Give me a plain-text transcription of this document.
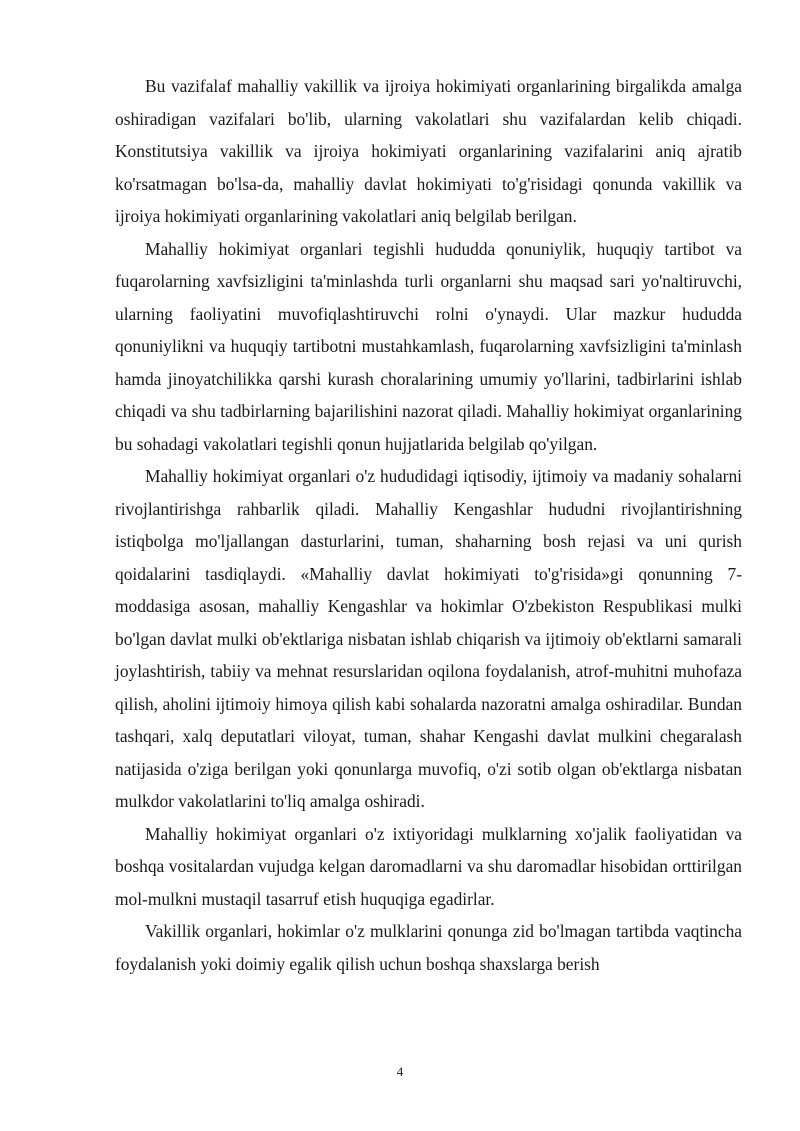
Bu vazifalaf mahalliy vakillik va ijroiya hokimiyati organlarining birgalikda amalga oshiradigan vazifalari bo'lib, ularning vakolatlari shu vazifalardan kelib chiqadi. Konstitutsiya vakillik va ijroiya hokimiyati organlarining vazifalarini aniq ajratib ko'rsatmagan bo'lsa-da, mahalliy davlat hokimiyati to'g'risidagi qonunda vakillik va ijroiya hokimiyati organlarining vakolatlari aniq belgilab berilgan.

Mahalliy hokimiyat organlari tegishli hududda qonuniylik, huquqiy tartibot va fuqarolarning xavfsizligini ta'minlashda turli organlarni shu maqsad sari yo'naltiruvchi, ularning faoliyatini muvofiqlashtiruvchi rolni o'ynaydi. Ular mazkur hududda qonuniylikni va huquqiy tartibotni mustahkamlash, fuqarolarning xavfsizligini ta'minlash hamda jinoyatchilikka qarshi kurash choralarining umumiy yo'llarini, tadbirlarini ishlab chiqadi va shu tadbirlarning bajarilishini nazorat qiladi. Mahalliy hokimiyat organlarining bu sohadagi vakolatlari tegishli qonun hujjatlarida belgilab qo'yilgan.

Mahalliy hokimiyat organlari o'z hududidagi iqtisodiy, ijtimoiy va madaniy sohalarni rivojlantirishga rahbarlik qiladi. Mahalliy Kengashlar hududni rivojlantirishning istiqbolga mo'ljallangan dasturlarini, tuman, shaharning bosh rejasi va uni qurish qoidalarini tasdiqlaydi. «Mahalliy davlat hokimiyati to'g'risida»gi qonunning 7-moddasiga asosan, mahalliy Kengashlar va hokimlar O'zbekiston Respublikasi mulki bo'lgan davlat mulki ob'ektlariga nisbatan ishlab chiqarish va ijtimoiy ob'ektlarni samarali joylashtirish, tabiiy va mehnat resurslaridan oqilona foydalanish, atrof-muhitni muhofaza qilish, aholini ijtimoiy himoya qilish kabi sohalarda nazoratni amalga oshiradilar. Bundan tashqari, xalq deputatlari viloyat, tuman, shahar Kengashi davlat mulkini chegaralash natijasida o'ziga berilgan yoki qonunlarga muvofiq, o'zi sotib olgan ob'ektlarga nisbatan mulkdor vakolatlarini to'liq amalga oshiradi.

Mahalliy hokimiyat organlari o'z ixtiyoridagi mulklarning xo'jalik faoliyatidan va boshqa vositalardan vujudga kelgan daromadlarni va shu daromadlar hisobidan orttirilgan mol-mulkni mustaqil tasarruf etish huquqiga egadirlar.

Vakillik organlari, hokimlar o'z mulklarini qonunga zid bo'lmagan tartibda vaqtincha foydalanish yoki doimiy egalik qilish uchun boshqa shaxslarga berish

4
